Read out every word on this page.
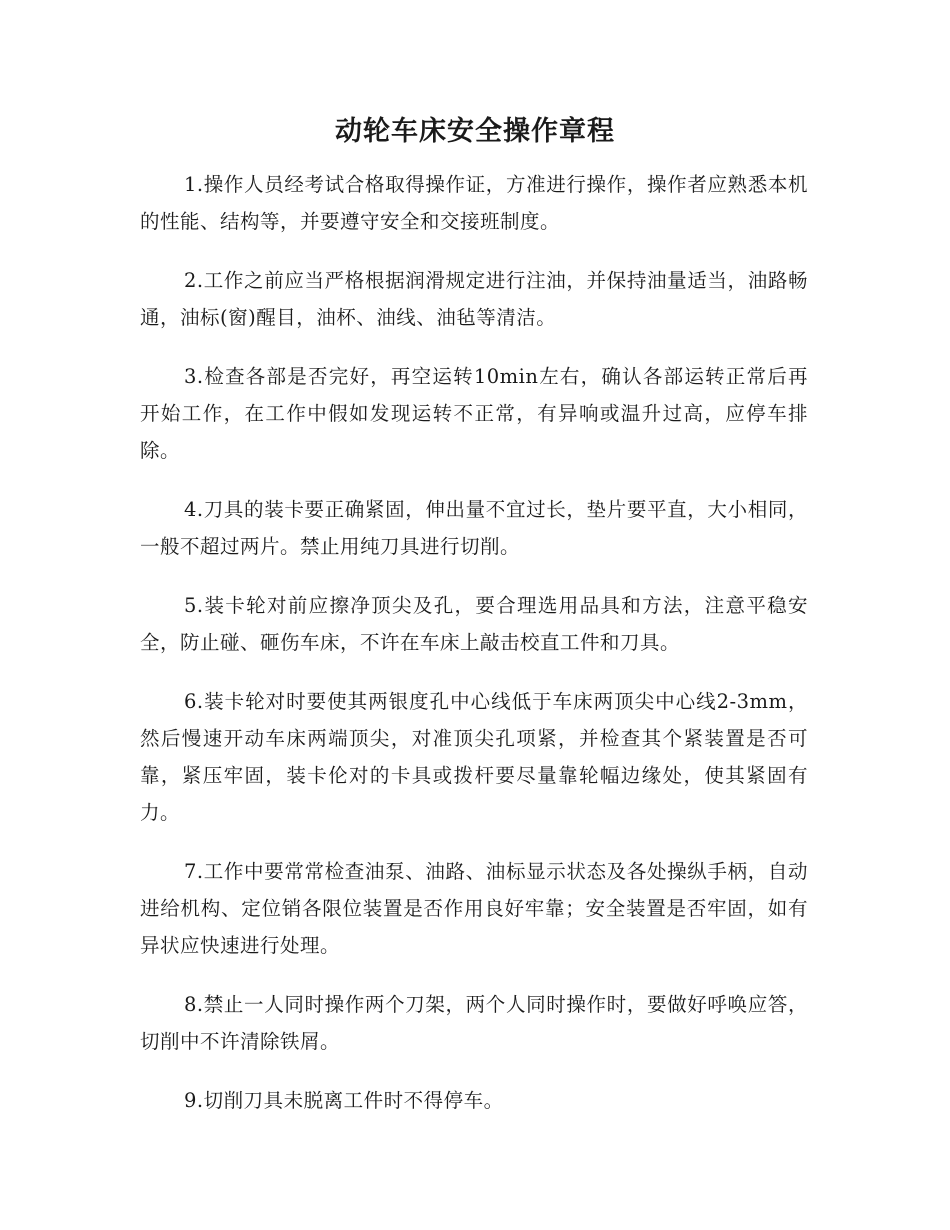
动轮车床安全操作章程

1.操作人员经考试合格取得操作证，方准进行操作，操作者应熟悉本机的性能、结构等，并要遵守安全和交接班制度。

2.工作之前应当严格根据润滑规定进行注油，并保持油量适当，油路畅通，油标(窗)醒目，油杯、油线、油毡等清洁。

3.检查各部是否完好，再空运转10min左右，确认各部运转正常后再开始工作，在工作中假如发现运转不正常，有异响或温升过高，应停车排除。

4.刀具的装卡要正确紧固，伸出量不宜过长，垫片要平直，大小相同，一般不超过两片。禁止用纯刀具进行切削。

5.装卡轮对前应擦净顶尖及孔，要合理选用品具和方法，注意平稳安全，防止碰、砸伤车床，不许在车床上敲击校直工件和刀具。

6.装卡轮对时要使其两银度孔中心线低于车床两顶尖中心线2-3mm，然后慢速开动车床两端顶尖，对准顶尖孔项紧，并检查其个紧装置是否可靠，紧压牢固，装卡伦对的卡具或拨杆要尽量靠轮幅边缘处，使其紧固有力。

7.工作中要常常检查油泵、油路、油标显示状态及各处操纵手柄，自动进给机构、定位销各限位装置是否作用良好牢靠；安全装置是否牢固，如有异状应快速进行处理。

8.禁止一人同时操作两个刀架，两个人同时操作时，要做好呼唤应答，切削中不许清除铁屑。

9.切削刀具未脱离工件时不得停车。
